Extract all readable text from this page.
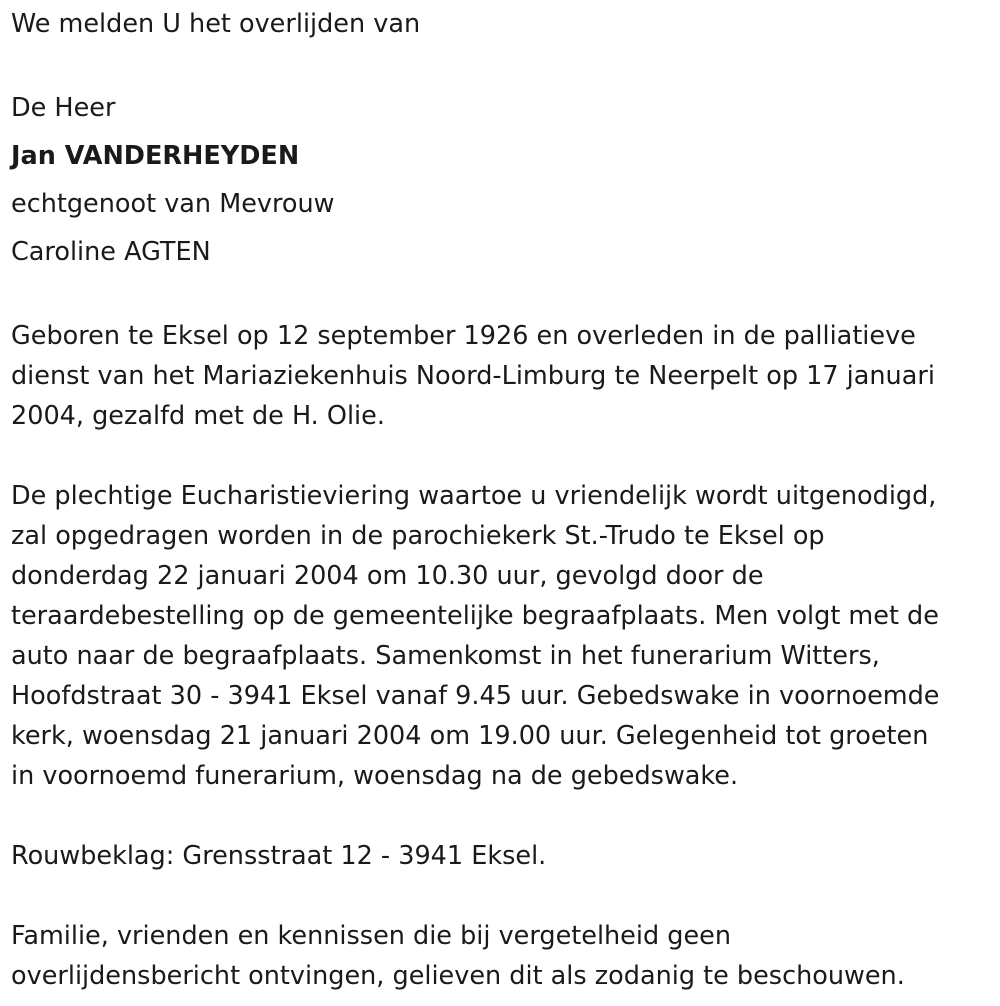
We melden U het overlijden van
De Heer
Jan VANDERHEYDEN
echtgenoot van Mevrouw
Caroline AGTEN
Geboren te Eksel op 12 september 1926 en overleden in de palliatieve
dienst van het Mariaziekenhuis Noord-Limburg te Neerpelt op 17 januari
2004, gezalfd met de H. Olie.
De plechtige Eucharistieviering waartoe u vriendelijk wordt uitgenodigd,
zal opgedragen worden in de parochiekerk St.-Trudo te Eksel op
donderdag 22 januari 2004 om 10.30 uur, gevolgd door de
teraardebestelling op de gemeentelijke begraafplaats. Men volgt met de
auto naar de begraafplaats. Samenkomst in het funerarium Witters,
Hoofdstraat 30 - 3941 Eksel vanaf 9.45 uur. Gebedswake in voornoemde
kerk, woensdag 21 januari 2004 om 19.00 uur. Gelegenheid tot groeten
in voornoemd funerarium, woensdag na de gebedswake.
Rouwbeklag: Grensstraat 12 - 3941 Eksel.
Familie, vrienden en kennissen die bij vergetelheid geen
overlijdensbericht ontvingen, gelieven dit als zodanig te beschouwen.
